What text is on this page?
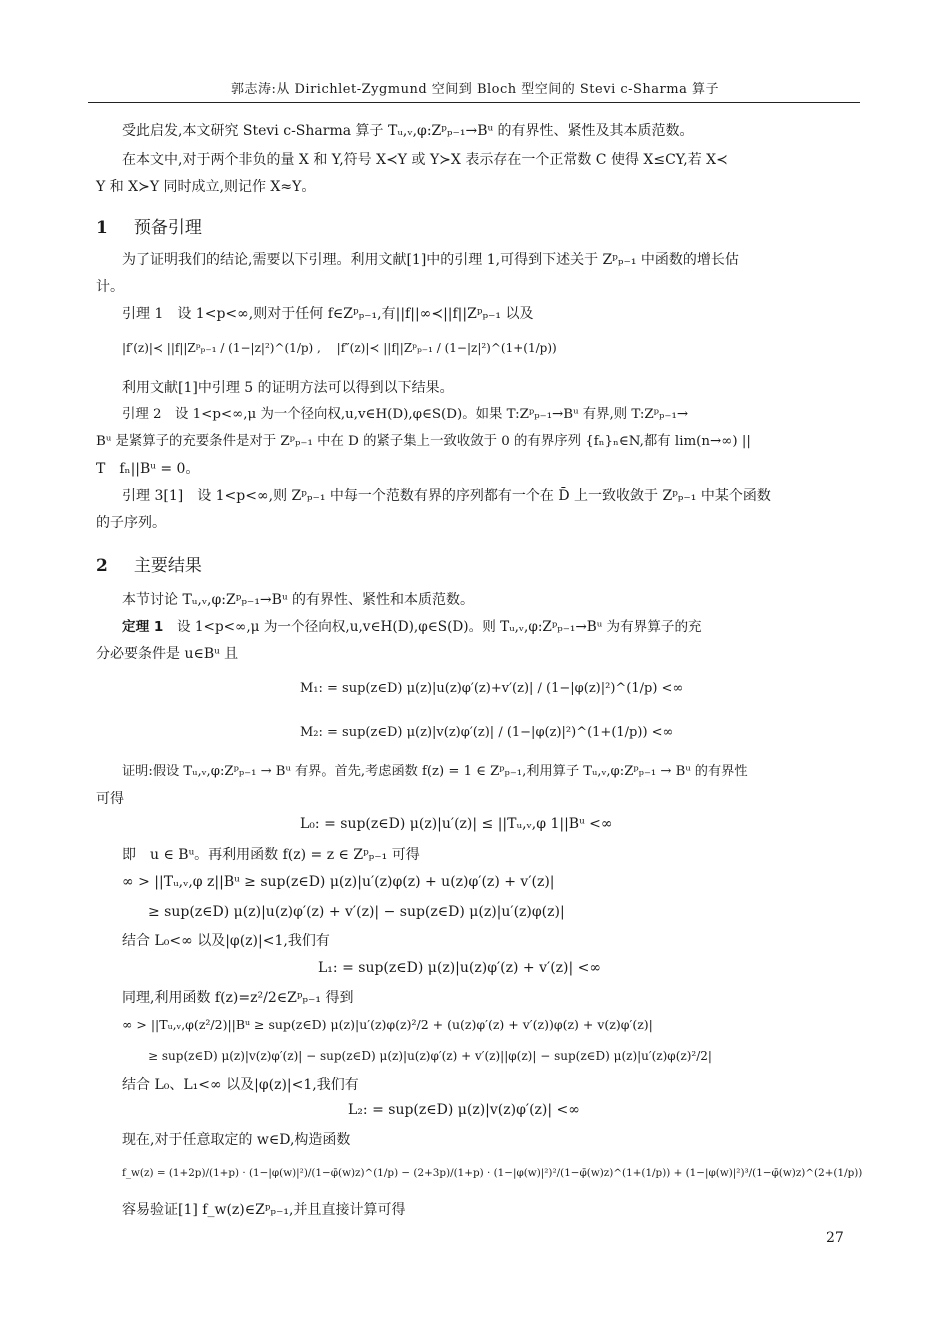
郭志涛:从 Dirichlet-Zygmund 空间到 Bloch 型空间的 Stevi c-Sharma 算子
受此启发,本文研究 Stevi c-Sharma 算子 Tᵤ,ᵥ,φ:Zᵖₚ₋₁→Bᵘ 的有界性、紧性及其本质范数。
在本文中,对于两个非负的量 X 和 Y,符号 X≺Y 或 Y≻X 表示存在一个正常数 C 使得 X≤CY,若 X≺
Y 和 X≻Y 同时成立,则记作 X≈Y。
1 预备引理
为了证明我们的结论,需要以下引理。利用文献[1]中的引理 1,可得到下述关于 Zᵖₚ₋₁ 中函数的增长估
计。
引理 1　设 1<p<∞,则对于任何 f∈Zᵖₚ₋₁,有||f||∞≺||f||Zᵖₚ₋₁ 以及
|f′(z)|≺ ||f||Zᵖₚ₋₁ / (1−|z|²)^(1/p) ,　 |f″(z)|≺ ||f||Zᵖₚ₋₁ / (1−|z|²)^(1+(1/p))
利用文献[1]中引理 5 的证明方法可以得到以下结果。
引理 2　设 1<p<∞,μ 为一个径向权,u,v∈H(D),φ∈S(D)。如果 T:Zᵖₚ₋₁→Bᵘ 有界,则 T:Zᵖₚ₋₁→
Bᵘ 是紧算子的充要条件是对于 Zᵖₚ₋₁ 中在 D 的紧子集上一致收敛于 0 的有界序列 {fₙ}ₙ∈N,都有 lim(n→∞) ||
T　fₙ||Bᵘ = 0。
引理 3[1]　设 1<p<∞,则 Zᵖₚ₋₁ 中每一个范数有界的序列都有一个在 D̄ 上一致收敛于 Zᵖₚ₋₁ 中某个函数
的子序列。
2 主要结果
本节讨论 Tᵤ,ᵥ,φ:Zᵖₚ₋₁→Bᵘ 的有界性、紧性和本质范数。
定理 1　设 1<p<∞,μ 为一个径向权,u,v∈H(D),φ∈S(D)。则 Tᵤ,ᵥ,φ:Zᵖₚ₋₁→Bᵘ 为有界算子的充
分必要条件是 u∈Bᵘ 且
M₁: = sup(z∈D) μ(z)|u(z)φ′(z)+v′(z)| / (1−|φ(z)|²)^(1/p) <∞
M₂: = sup(z∈D) μ(z)|v(z)φ′(z)| / (1−|φ(z)|²)^(1+(1/p)) <∞
证明:假设 Tᵤ,ᵥ,φ:Zᵖₚ₋₁ → Bᵘ 有界。首先,考虑函数 f(z) = 1 ∈ Zᵖₚ₋₁,利用算子 Tᵤ,ᵥ,φ:Zᵖₚ₋₁ → Bᵘ 的有界性
可得
L₀: = sup(z∈D) μ(z)|u′(z)| ≤ ||Tᵤ,ᵥ,φ 1||Bᵘ <∞
即　u ∈ Bᵘ。再利用函数 f(z) = z ∈ Zᵖₚ₋₁ 可得
∞ > ||Tᵤ,ᵥ,φ z||Bᵘ ≥ sup(z∈D) μ(z)|u′(z)φ(z) + u(z)φ′(z) + v′(z)|
≥ sup(z∈D) μ(z)|u(z)φ′(z) + v′(z)| − sup(z∈D) μ(z)|u′(z)φ(z)|
结合 L₀<∞ 以及|φ(z)|<1,我们有
L₁: = sup(z∈D) μ(z)|u(z)φ′(z) + v′(z)| <∞
同理,利用函数 f(z)=z²/2∈Zᵖₚ₋₁ 得到
∞ > ||Tᵤ,ᵥ,φ(z²/2)||Bᵘ ≥ sup(z∈D) μ(z)|u′(z)φ(z)²/2 + (u(z)φ′(z) + v′(z))φ(z) + v(z)φ′(z)|
≥ sup(z∈D) μ(z)|v(z)φ′(z)| − sup(z∈D) μ(z)|u(z)φ′(z) + v′(z)||φ(z)| − sup(z∈D) μ(z)|u′(z)φ(z)²/2|
结合 L₀、L₁<∞ 以及|φ(z)|<1,我们有
L₂: = sup(z∈D) μ(z)|v(z)φ′(z)| <∞
现在,对于任意取定的 w∈D,构造函数
f_w(z) = (1+2p)/(1+p) · (1−|φ(w)|²)/(1−φ̄(w)z)^(1/p) − (2+3p)/(1+p) · (1−|φ(w)|²)²/(1−φ̄(w)z)^(1+(1/p)) + (1−|φ(w)|²)³/(1−φ̄(w)z)^(2+(1/p))
容易验证[1] f_w(z)∈Zᵖₚ₋₁,并且直接计算可得
27
